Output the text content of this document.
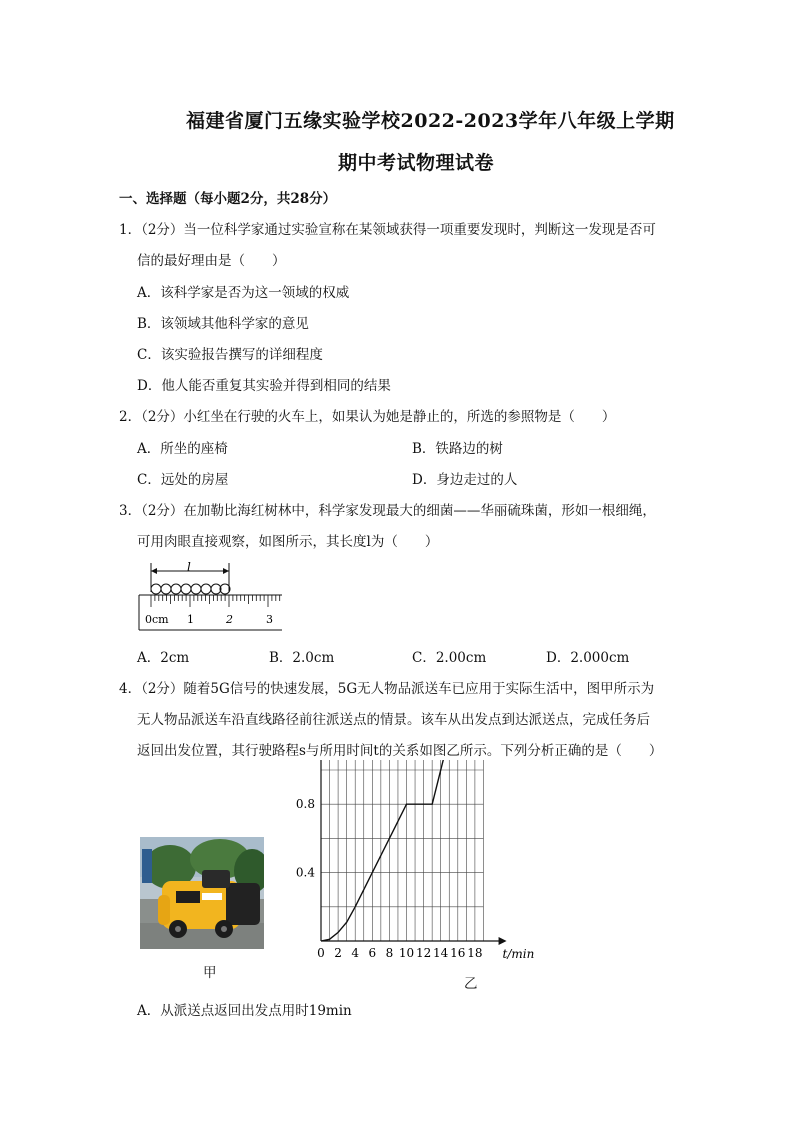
福建省厦门五缘实验学校2022-2023学年八年级上学期
期中考试物理试卷
一、选择题（每小题2分，共28分）
1．（2分）当一位科学家通过实验宣称在某领域获得一项重要发现时，判断这一发现是否可
信的最好理由是（　　）
A．该科学家是否为这一领域的权威
B．该领域其他科学家的意见
C．该实验报告撰写的详细程度
D．他人能否重复其实验并得到相同的结果
2．（2分）小红坐在行驶的火车上，如果认为她是静止的，所选的参照物是（　　）
A．所坐的座椅	B．铁路边的树
C．远处的房屋	D．身边走过的人
3．（2分）在加勒比海红树林中，科学家发现最大的细菌——华丽硫珠菌，形如一根细绳，
可用肉眼直接观察，如图所示，其长度l为（　　）
l
0cm 1	2	3
A．2cm	B．2.0cm	C．2.00cm	D．2.000cm
4．（2分）随着5G信号的快速发展，5G无人物品派送车已应用于实际生活中，图甲所示为
无人物品派送车沿直线路径前往派送点的情景。该车从出发点到达派送点，完成任务后
返回出发位置，其行驶路程s与所用时间t的关系如图乙所示。下列分析正确的是（　　）
甲
0 2 4 6 8 10 12 14 16 18
0.4
0.8
t/min
乙
A．从派送点返回出发点用时19min
